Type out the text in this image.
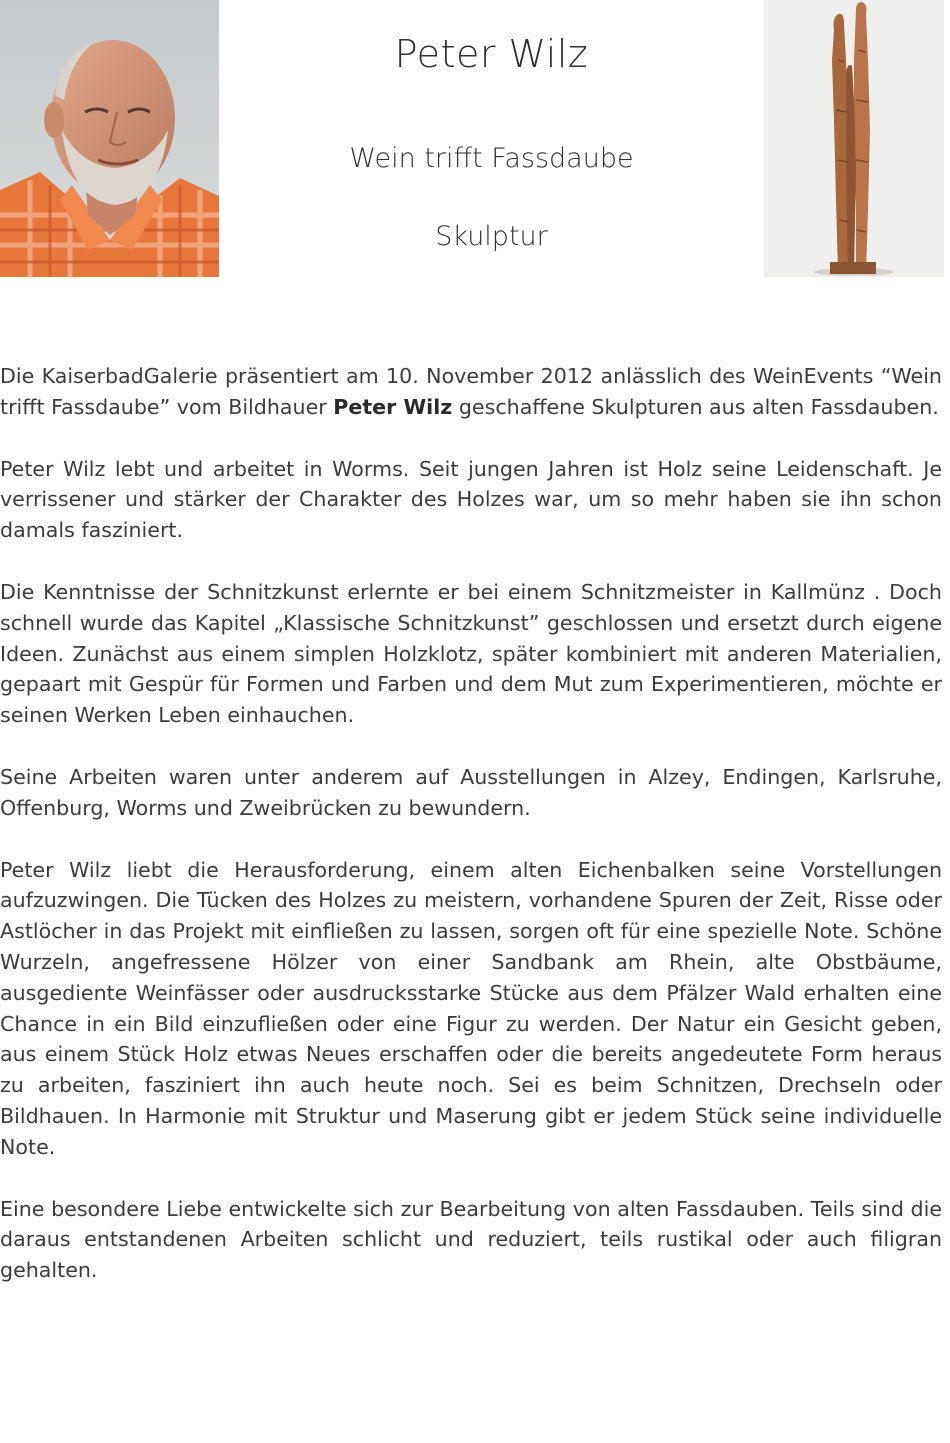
Peter Wilz
Wein trifft Fassdaube
Skulptur

Die KaiserbadGalerie präsentiert am 10. November 2012 anlässlich des WeinEvents “Wein trifft Fassdaube” vom Bildhauer Peter Wilz geschaffene Skulpturen aus alten Fassdauben.

Peter Wilz lebt und arbeitet in Worms. Seit jungen Jahren ist Holz seine Leidenschaft. Je verrissener und stärker der Charakter des Holzes war, um so mehr haben sie ihn schon damals fasziniert.

Die Kenntnisse der Schnitzkunst erlernte er bei einem Schnitzmeister in Kallmünz . Doch schnell wurde das Kapitel „Klassische Schnitzkunst” geschlossen und ersetzt durch eigene Ideen. Zunächst aus einem simplen Holzklotz, später kombiniert mit anderen Materialien, gepaart mit Gespür für Formen und Farben und dem Mut zum Experimentieren, möchte er seinen Werken Leben einhauchen.

Seine Arbeiten waren unter anderem auf Ausstellungen in Alzey, Endingen, Karlsruhe, Offenburg, Worms und Zweibrücken zu bewundern.

Peter Wilz liebt die Herausforderung, einem alten Eichenbalken seine Vorstellungen aufzuzwingen. Die Tücken des Holzes zu meistern, vorhandene Spuren der Zeit, Risse oder Astlöcher in das Projekt mit einfließen zu lassen, sorgen oft für eine spezielle Note. Schöne Wurzeln, angefressene Hölzer von einer Sandbank am Rhein, alte Obstbäume, ausgediente Weinfässer oder ausdrucksstarke Stücke aus dem Pfälzer Wald erhalten eine Chance in ein Bild einzufließen oder eine Figur zu werden. Der Natur ein Gesicht geben, aus einem Stück Holz etwas Neues erschaffen oder die bereits angedeutete Form heraus zu arbeiten, fasziniert ihn auch heute noch. Sei es beim Schnitzen, Drechseln oder Bildhauen. In Harmonie mit Struktur und Maserung gibt er jedem Stück seine individuelle Note.

Eine besondere Liebe entwickelte sich zur Bearbeitung von alten Fassdauben. Teils sind die daraus entstandenen Arbeiten schlicht und reduziert, teils rustikal oder auch filigran gehalten.
